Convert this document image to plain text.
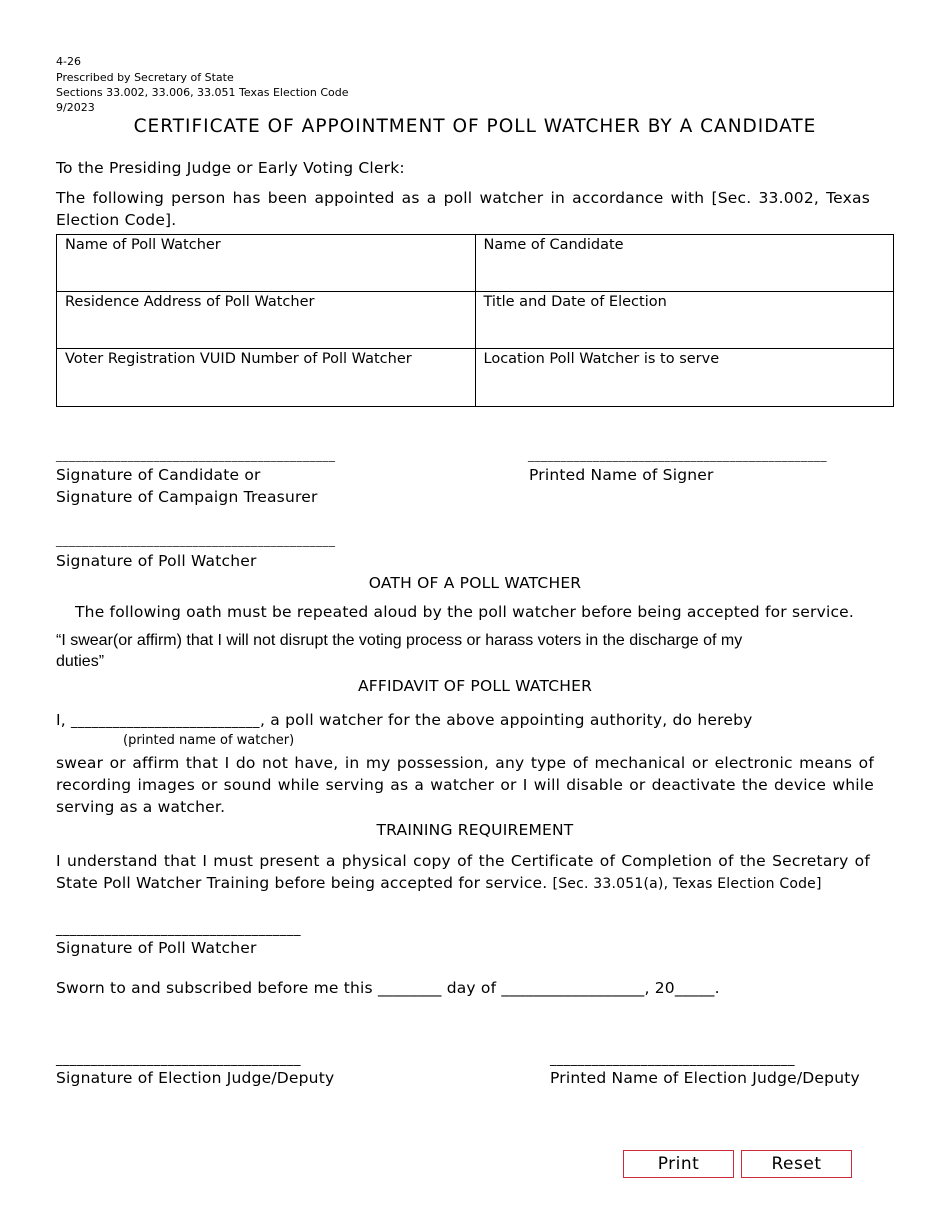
4-26
Prescribed by Secretary of State
Sections 33.002, 33.006, 33.051 Texas Election Code
9/2023
CERTIFICATE OF APPOINTMENT OF POLL WATCHER BY A CANDIDATE
To the Presiding Judge or Early Voting Clerk:
The following person has been appointed as a poll watcher in accordance with [Sec. 33.002, Texas
Election Code].
Name of Poll Watcher	Name of Candidate
Residence Address of Poll Watcher	Title and Date of Election
Voter Registration VUID Number of Poll Watcher	Location Poll Watcher is to serve
___________________________________________	______________________________________________
Signature of Candidate or
Signature of Campaign Treasurer
Printed Name of Signer
___________________________________________
Signature of Poll Watcher
OATH OF A POLL WATCHER
The following oath must be repeated aloud by the poll watcher before being accepted for service.
“I swear(or affirm) that I will not disrupt the voting process or harass voters in the discharge of my
duties”
AFFIDAVIT OF POLL WATCHER
I, ___________________________, a poll watcher for the above appointing authority, do hereby
(printed name of watcher)
swear or affirm that I do not have, in my possession, any type of mechanical or electronic means of
recording images or sound while serving as a watcher or I will disable or deactivate the device while
serving as a watcher.
TRAINING REQUIREMENT
I understand that I must present a physical copy of the Certificate of Completion of the Secretary of
State Poll Watcher Training before being accepted for service. [Sec. 33.051(a), Texas Election Code]
___________________________________
Signature of Poll Watcher
Sworn to and subscribed before me this ________ day of __________________, 20_____.
___________________________________
Signature of Election Judge/Deputy
___________________________________
Printed Name of Election Judge/Deputy
Print	Reset
